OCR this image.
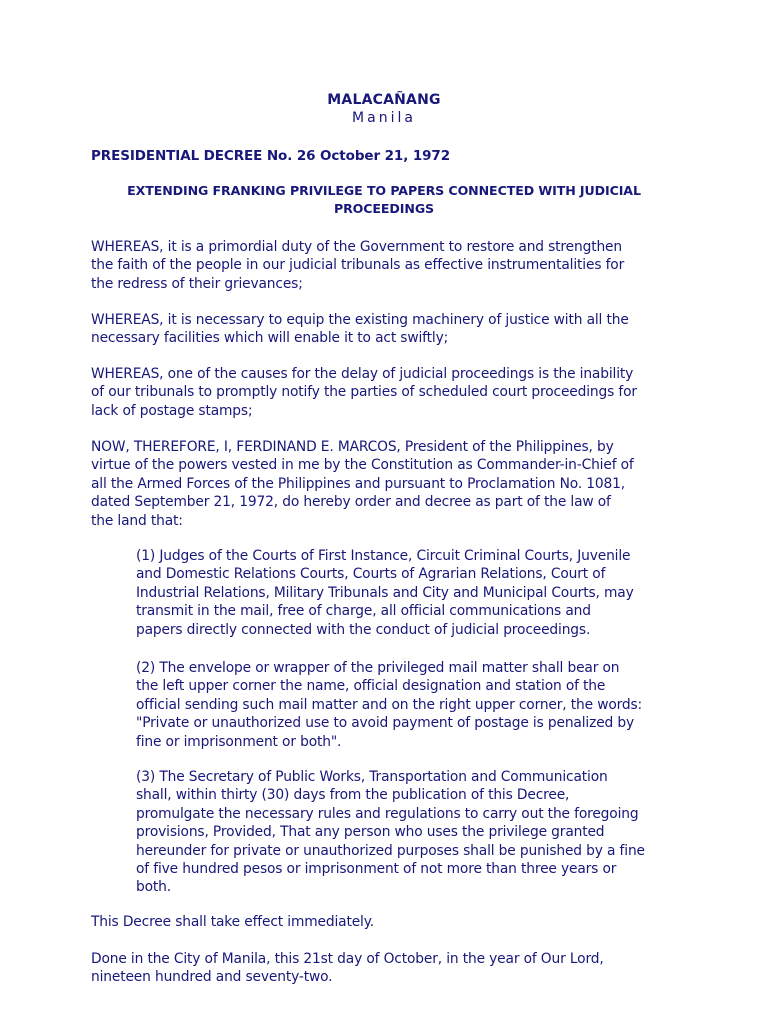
MALACAÑANG
Manila
PRESIDENTIAL DECREE No. 26 October 21, 1972
EXTENDING FRANKING PRIVILEGE TO PAPERS CONNECTED WITH JUDICIAL
PROCEEDINGS
WHEREAS, it is a primordial duty of the Government to restore and strengthen
the faith of the people in our judicial tribunals as effective instrumentalities for
the redress of their grievances;
WHEREAS, it is necessary to equip the existing machinery of justice with all the
necessary facilities which will enable it to act swiftly;
WHEREAS, one of the causes for the delay of judicial proceedings is the inability
of our tribunals to promptly notify the parties of scheduled court proceedings for
lack of postage stamps;
NOW, THEREFORE, I, FERDINAND E. MARCOS, President of the Philippines, by
virtue of the powers vested in me by the Constitution as Commander-in-Chief of
all the Armed Forces of the Philippines and pursuant to Proclamation No. 1081,
dated September 21, 1972, do hereby order and decree as part of the law of
the land that:
(1) Judges of the Courts of First Instance, Circuit Criminal Courts, Juvenile
and Domestic Relations Courts, Courts of Agrarian Relations, Court of
Industrial Relations, Military Tribunals and City and Municipal Courts, may
transmit in the mail, free of charge, all official communications and
papers directly connected with the conduct of judicial proceedings.
(2) The envelope or wrapper of the privileged mail matter shall bear on
the left upper corner the name, official designation and station of the
official sending such mail matter and on the right upper corner, the words:
"Private or unauthorized use to avoid payment of postage is penalized by
fine or imprisonment or both".
(3) The Secretary of Public Works, Transportation and Communication
shall, within thirty (30) days from the publication of this Decree,
promulgate the necessary rules and regulations to carry out the foregoing
provisions, Provided, That any person who uses the privilege granted
hereunder for private or unauthorized purposes shall be punished by a fine
of five hundred pesos or imprisonment of not more than three years or
both.
This Decree shall take effect immediately.
Done in the City of Manila, this 21st day of October, in the year of Our Lord,
nineteen hundred and seventy-two.
